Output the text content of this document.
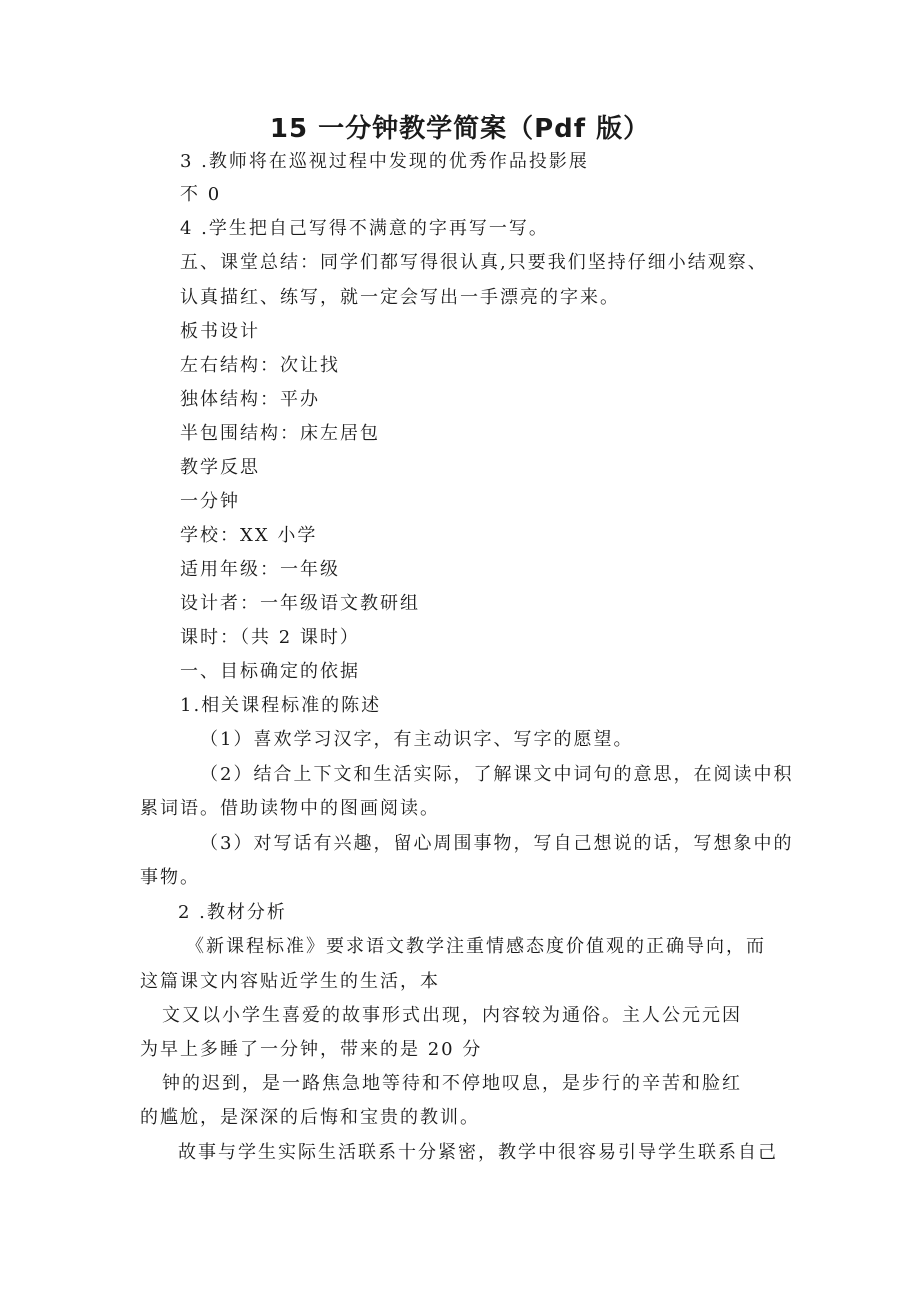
15 一分钟教学简案（Pdf 版）
3 .教师将在巡视过程中发现的优秀作品投影展
不 0
4 .学生把自己写得不满意的字再写一写。
五、课堂总结：同学们都写得很认真,只要我们坚持仔细小结观察、
认真描红、练写，就一定会写出一手漂亮的字来。
板书设计
左右结构：次让找
独体结构：平办
半包围结构：床左居包
教学反思
一分钟
学校：XX 小学
适用年级：一年级
设计者：一年级语文教研组
课时：（共 2 课时）
一、目标确定的依据
1.相关课程标准的陈述
（1）喜欢学习汉字，有主动识字、写字的愿望。
（2）结合上下文和生活实际，了解课文中词句的意思，在阅读中积
累词语。借助读物中的图画阅读。
（3）对写话有兴趣，留心周围事物，写自己想说的话，写想象中的
事物。
2 .教材分析
《新课程标准》要求语文教学注重情感态度价值观的正确导向，而
这篇课文内容贴近学生的生活，本
文又以小学生喜爱的故事形式出现，内容较为通俗。主人公元元因
为早上多睡了一分钟，带来的是 20 分
钟的迟到，是一路焦急地等待和不停地叹息，是步行的辛苦和脸红
的尴尬，是深深的后悔和宝贵的教训。
故事与学生实际生活联系十分紧密，教学中很容易引导学生联系自己
